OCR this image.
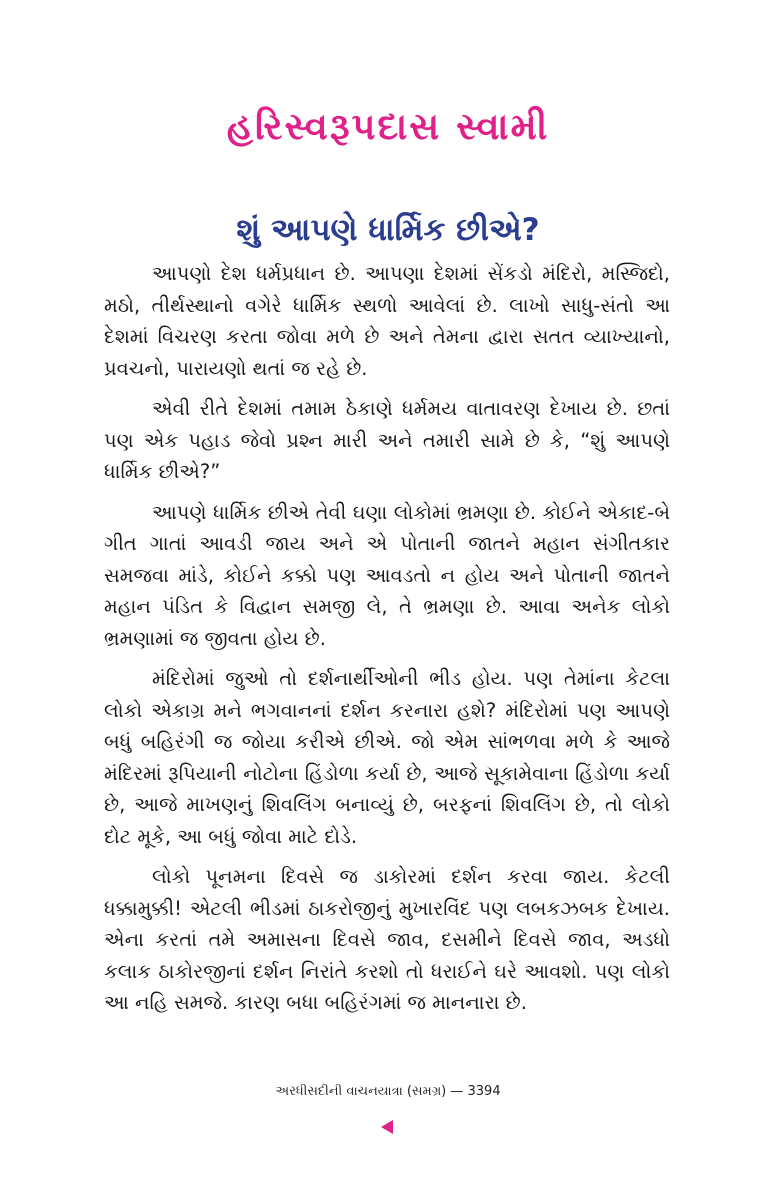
હરિસ્વરૂપદાસ સ્વામી
શું આપણે ધાર્મિક છીએ?

આપણો દેશ ધર્મપ્રધાન છે. આપણા દેશમાં સેંકડો મંદિરો, મસ્જિદો, મઠો, તીર્થસ્થાનો વગેરે ધાર્મિક સ્થળો આવેલાં છે. લાખો સાધુ-સંતો આ દેશમાં વિચરણ કરતા જોવા મળે છે અને તેમના દ્વારા સતત વ્યાખ્યાનો, પ્રવચનો, પારાયણો થતાં જ રહે છે.

એવી રીતે દેશમાં તમામ ઠેકાણે ધર્મમય વાતાવરણ દેખાય છે. છતાં પણ એક પહાડ જેવો પ્રશ્ન મારી અને તમારી સામે છે કે, “શું આપણે ધાર્મિક છીએ?”

આપણે ધાર્મિક છીએ તેવી ઘણા લોકોમાં ભ્રમણા છે. કોઈને એકાદ-બે ગીત ગાતાં આવડી જાય અને એ પોતાની જાતને મહાન સંગીતકાર સમજવા માંડે, કોઈને કક્કો પણ આવડતો ન હોય અને પોતાની જાતને મહાન પંડિત કે વિદ્વાન સમજી લે, તે ભ્રમણા છે. આવા અનેક લોકો ભ્રમણામાં જ જીવતા હોય છે.

મંદિરોમાં જુઓ તો દર્શનાર્થીઓની ભીડ હોય. પણ તેમાંના કેટલા લોકો એકાગ્ર મને ભગવાનનાં દર્શન કરનારા હશે? મંદિરોમાં પણ આપણે બધું બહિરંગી જ જોયા કરીએ છીએ. જો એમ સાંભળવા મળે કે આજે મંદિરમાં રૂપિયાની નોટોના હિંડોળા કર્યા છે, આજે સૂકામેવાના હિંડોળા કર્યા છે, આજે માખણનું શિવલિંગ બનાવ્યું છે, બરફનાં શિવલિંગ છે, તો લોકો દોટ મૂકે, આ બધું જોવા માટે દોડે.

લોકો પૂનમના દિવસે જ ડાકોરમાં દર્શન કરવા જાય. કેટલી ધક્કામુક્કી! એટલી ભીડમાં ઠાકરોજીનું મુખારવિંદ પણ લબકઝબક દેખાય. એના કરતાં તમે અમાસના દિવસે જાવ, દસમીને દિવસે જાવ, અડધો કલાક ઠાકોરજીનાં દર્શન નિરાંતે કરશો તો ધરાઈને ઘરે આવશો. પણ લોકો આ નહિ સમજે. કારણ બધા બહિરંગમાં જ માનનારા છે.

અરધીસદીની વાચનયાત્રા (સમગ્ર) — 3394
